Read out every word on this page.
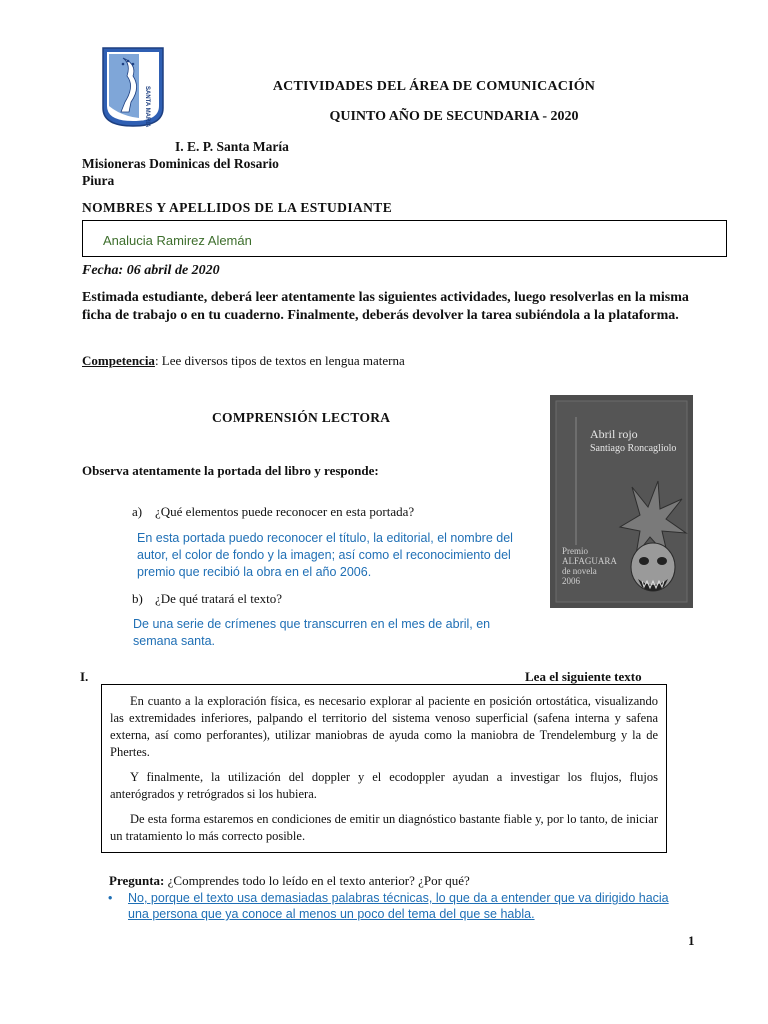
SANTA MARIA	ACTIVIDADES DEL ÁREA DE COMUNICACIÓN
QUINTO AÑO DE SECUNDARIA - 2020
I. E. P. Santa María
Misioneras Dominicas del Rosario
Piura
NOMBRES Y APELLIDOS DE LA ESTUDIANTE
Analucia Ramirez Alemán
Fecha: 06 abril de 2020
Estimada estudiante, deberá leer atentamente las siguientes actividades, luego resolverlas en la misma ficha de trabajo o en tu cuaderno. Finalmente, deberás devolver la tarea subiéndola a la plataforma.
Competencia: Lee diversos tipos de textos en lengua materna
COMPRENSIÓN LECTORA
Observa atentamente la portada del libro y responde:
a) ¿Qué elementos puede reconocer en esta portada?
En esta portada puedo reconocer el título, la editorial, el nombre del autor, el color de fondo y la imagen; así como el reconocimiento del premio que recibió la obra en el año 2006.
b) ¿De qué tratará el texto?
De una serie de crímenes que transcurren en el mes de abril, en semana santa.
Abril rojo
Santiago Roncagliolo
Premio
ALFAGUARA
de novela
2006
I.	Lea el siguiente texto

En cuanto a la exploración física, es necesario explorar al paciente en posición ortostática, visualizando las extremidades inferiores, palpando el territorio del sistema venoso superficial (safena interna y safena externa, así como perforantes), utilizar maniobras de ayuda como la maniobra de Trendelemburg y la de Phertes.

Y finalmente, la utilización del doppler y el ecodoppler ayudan a investigar los flujos, flujos anterógrados y retrógrados si los hubiera.

De esta forma estaremos en condiciones de emitir un diagnóstico bastante fiable y, por lo tanto, de iniciar un tratamiento lo más correcto posible.

Pregunta: ¿Comprendes todo lo leído en el texto anterior? ¿Por qué?
• No, porque el texto usa demasiadas palabras técnicas, lo que da a entender que va dirigido hacia una persona que ya conoce al menos un poco del tema del que se habla.
1
